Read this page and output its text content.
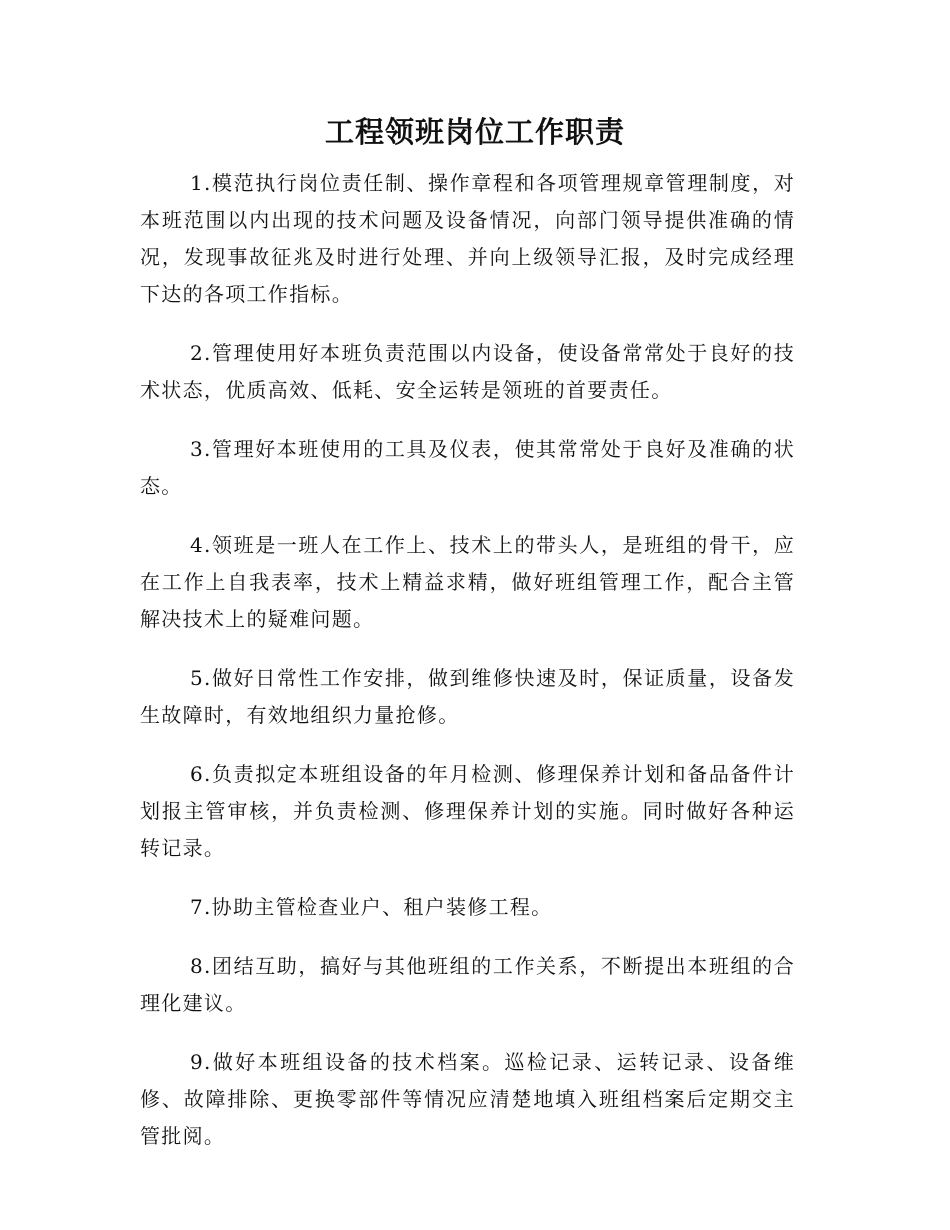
工程领班岗位工作职责

1.模范执行岗位责任制、操作章程和各项管理规章管理制度，对本班范围以内出现的技术问题及设备情况，向部门领导提供准确的情况，发现事故征兆及时进行处理、并向上级领导汇报，及时完成经理下达的各项工作指标。

2.管理使用好本班负责范围以内设备，使设备常常处于良好的技术状态，优质高效、低耗、安全运转是领班的首要责任。

3.管理好本班使用的工具及仪表，使其常常处于良好及准确的状态。

4.领班是一班人在工作上、技术上的带头人，是班组的骨干，应在工作上自我表率，技术上精益求精，做好班组管理工作，配合主管解决技术上的疑难问题。

5.做好日常性工作安排，做到维修快速及时，保证质量，设备发生故障时，有效地组织力量抢修。

6.负责拟定本班组设备的年月检测、修理保养计划和备品备件计划报主管审核，并负责检测、修理保养计划的实施。同时做好各种运转记录。

7.协助主管检查业户、租户装修工程。

8.团结互助，搞好与其他班组的工作关系，不断提出本班组的合理化建议。

9.做好本班组设备的技术档案。巡检记录、运转记录、设备维修、故障排除、更换零部件等情况应清楚地填入班组档案后定期交主管批阅。
